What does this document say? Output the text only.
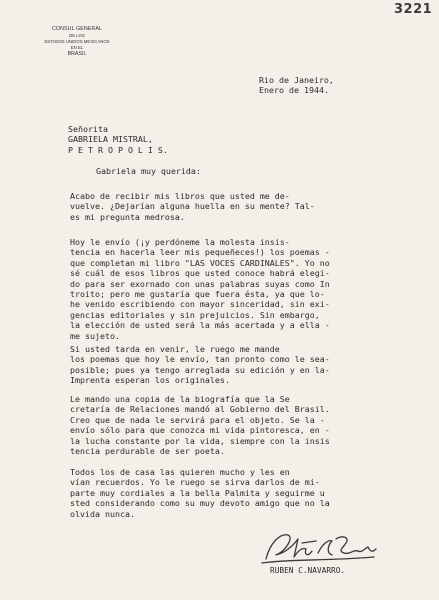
3221
CONSUL GENERAL
DE LOS
ESTADOS UNIDOS MEXICANOS
EN EL
BRASIL
Rio de Janeiro,
Enero de 1944.
Señorita
GABRIELA MISTRAL,
P E T R O P O L I S.
Gabriela muy querida:
Acabo de recibir mis libros que usted me de-
vuelve. ¿Dejarían alguna huella en su mente? Tal-
es mi pregunta medrosa.
Hoy le envío (¡y perdóneme la molesta insis-
tencia en hacerla leer mis pequeñeces!) los poemas -
que completan mi libro "LAS VOCES CARDINALES". Yo no
sé cuál de esos libros que usted conoce habrá elegi-
do para ser exornado con unas palabras suyas como In
troito; pero me gustaría que fuera ésta, ya que lo-
he venido escribiendo con mayor sinceridad, sin exi-
gencias editoriales y sin prejuicios. Sin embargo,
la elección de usted será la más acertada y a ella -
me sujeto.
Si usted tarda en venir, le ruego me mande
los poemas que hoy le envío, tan pronto como le sea-
posible; pues ya tengo arreglada su edición y en la-
Imprenta esperan los originales.
Le mando una copia de la biografía que la Se
cretaría de Relaciones mandó al Gobierno del Brasil.
Creo que de nada le servirá para el objeto. Se la -
envío sólo para que conozca mi vida pintoresca, en -
la lucha constante por la vida, siempre con la insis
tencia perdurable de ser poeta.
Todos los de casa las quieren mucho y les en
vían recuerdos. Yo le ruego se sirva darlos de mi-
parte muy cordiales a la bella Palmita y seguirme u
sted considerando como su muy devoto amigo que no la
olvida nunca.
RUBEN C.NAVARRO.
